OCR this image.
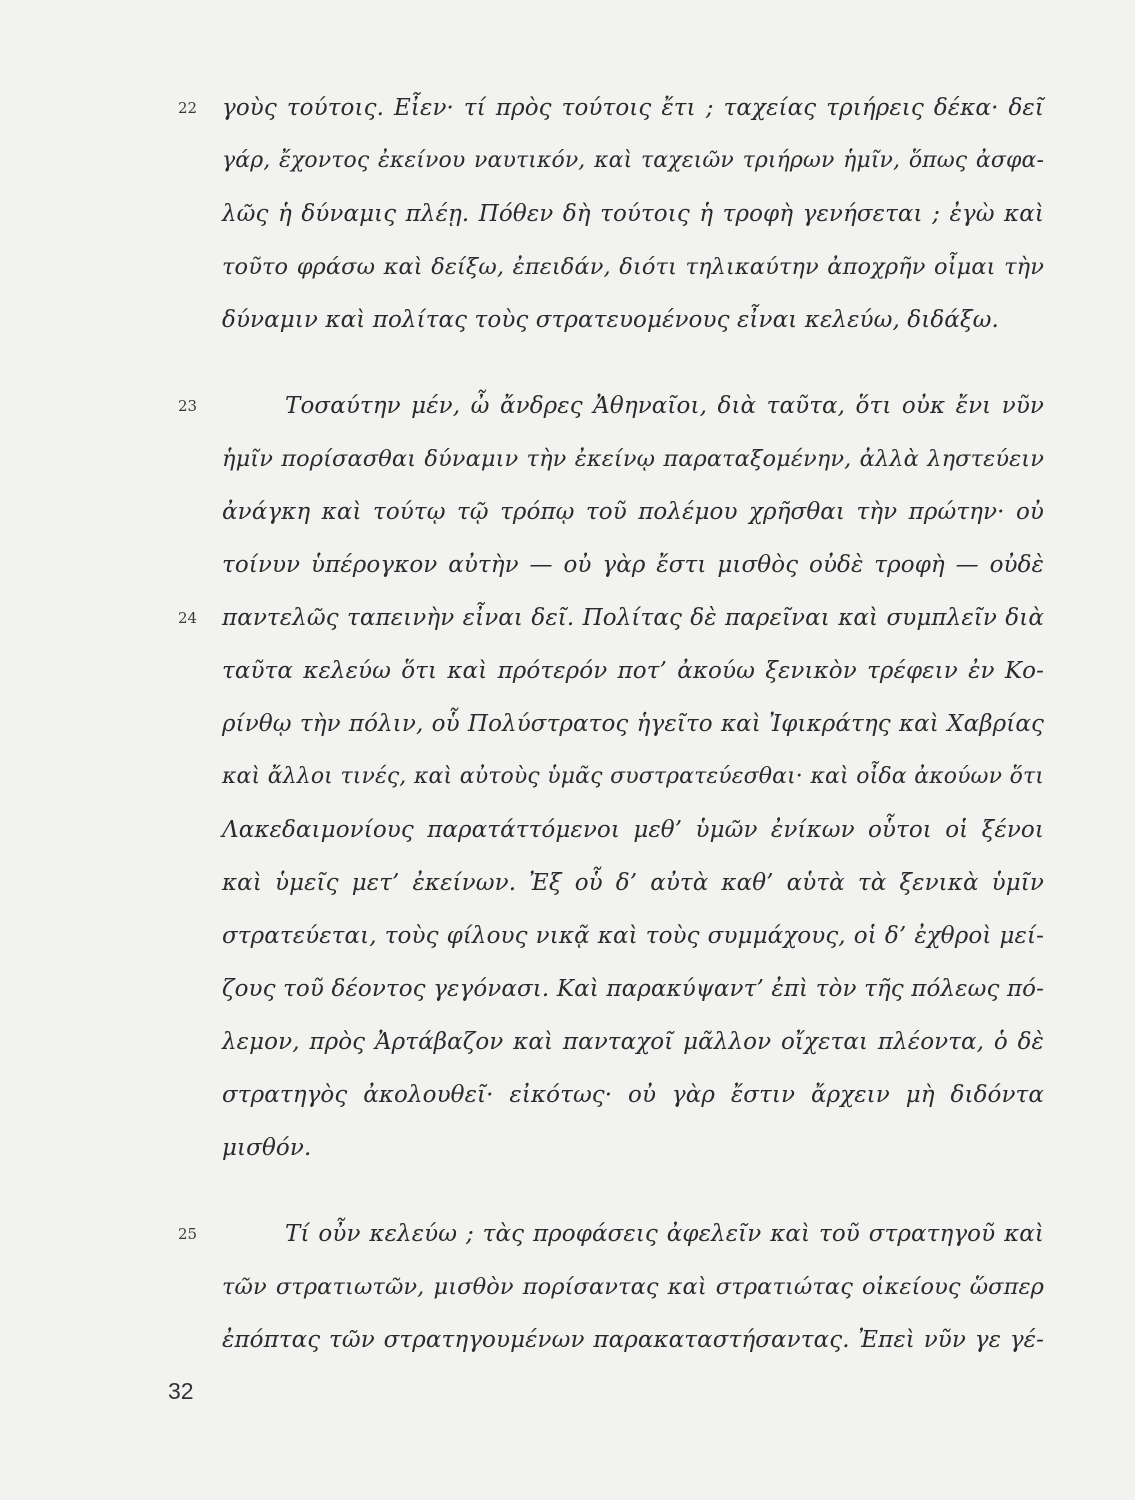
22	γοὺς τούτοις. Εἶεν· τί πρὸς τούτοις ἔτι ; ταχείας τριήρεις δέκα· δεῖ
γάρ, ἔχοντος ἐκείνου ναυτικόν, καὶ ταχειῶν τριήρων ἡμῖν, ὅπως ἀσφα-
λῶς ἡ δύναμις πλέῃ. Πόθεν δὴ τούτοις ἡ τροφὴ γενήσεται ; ἐγὼ καὶ
τοῦτο φράσω καὶ δείξω, ἐπειδάν, διότι τηλικαύτην ἀποχρῆν οἶμαι τὴν
δύναμιν καὶ πολίτας τοὺς στρατευομένους εἶναι κελεύω, διδάξω.
23	Τοσαύτην μέν, ὦ ἄνδρες Ἀθηναῖοι, διὰ ταῦτα, ὅτι οὐκ ἔνι νῦν
ἡμῖν πορίσασθαι δύναμιν τὴν ἐκείνῳ παραταξομένην, ἀλλὰ ληστεύειν
ἀνάγκη καὶ τούτῳ τῷ τρόπῳ τοῦ πολέμου χρῆσθαι τὴν πρώτην· οὐ
τοίνυν ὑπέρογκον αὐτὴν — οὐ γὰρ ἔστι μισθὸς οὐδὲ τροφὴ — οὐδὲ
24	παντελῶς ταπεινὴν εἶναι δεῖ. Πολίτας δὲ παρεῖναι καὶ συμπλεῖν διὰ
ταῦτα κελεύω ὅτι καὶ πρότερόν ποτ’ ἀκούω ξενικὸν τρέφειν ἐν Κο-
ρίνθῳ τὴν πόλιν, οὗ Πολύστρατος ἡγεῖτο καὶ Ἰφικράτης καὶ Χαβρίας
καὶ ἄλλοι τινές, καὶ αὐτοὺς ὑμᾶς συστρατεύεσθαι· καὶ οἶδα ἀκούων ὅτι
Λακεδαιμονίους παρατάττόμενοι μεθ’ ὑμῶν ἐνίκων οὗτοι οἱ ξένοι
καὶ ὑμεῖς μετ’ ἐκείνων. Ἐξ οὗ δ’ αὐτὰ καθ’ αὑτὰ τὰ ξενικὰ ὑμῖν
στρατεύεται, τοὺς φίλους νικᾷ καὶ τοὺς συμμάχους, οἱ δ’ ἐχθροὶ μεί-
ζους τοῦ δέοντος γεγόνασι. Καὶ παρακύψαντ’ ἐπὶ τὸν τῆς πόλεως πό-
λεμον, πρὸς Ἀρτάβαζον καὶ πανταχοῖ μᾶλλον οἴχεται πλέοντα, ὁ δὲ
στρατηγὸς ἀκολουθεῖ· εἰκότως· οὐ γὰρ ἔστιν ἄρχειν μὴ διδόντα
μισθόν.
25	Τί οὖν κελεύω ; τὰς προφάσεις ἀφελεῖν καὶ τοῦ στρατηγοῦ καὶ
τῶν στρατιωτῶν, μισθὸν πορίσαντας καὶ στρατιώτας οἰκείους ὥσπερ
ἐπόπτας τῶν στρατηγουμένων παρακαταστήσαντας. Ἐπεὶ νῦν γε γέ-
32
